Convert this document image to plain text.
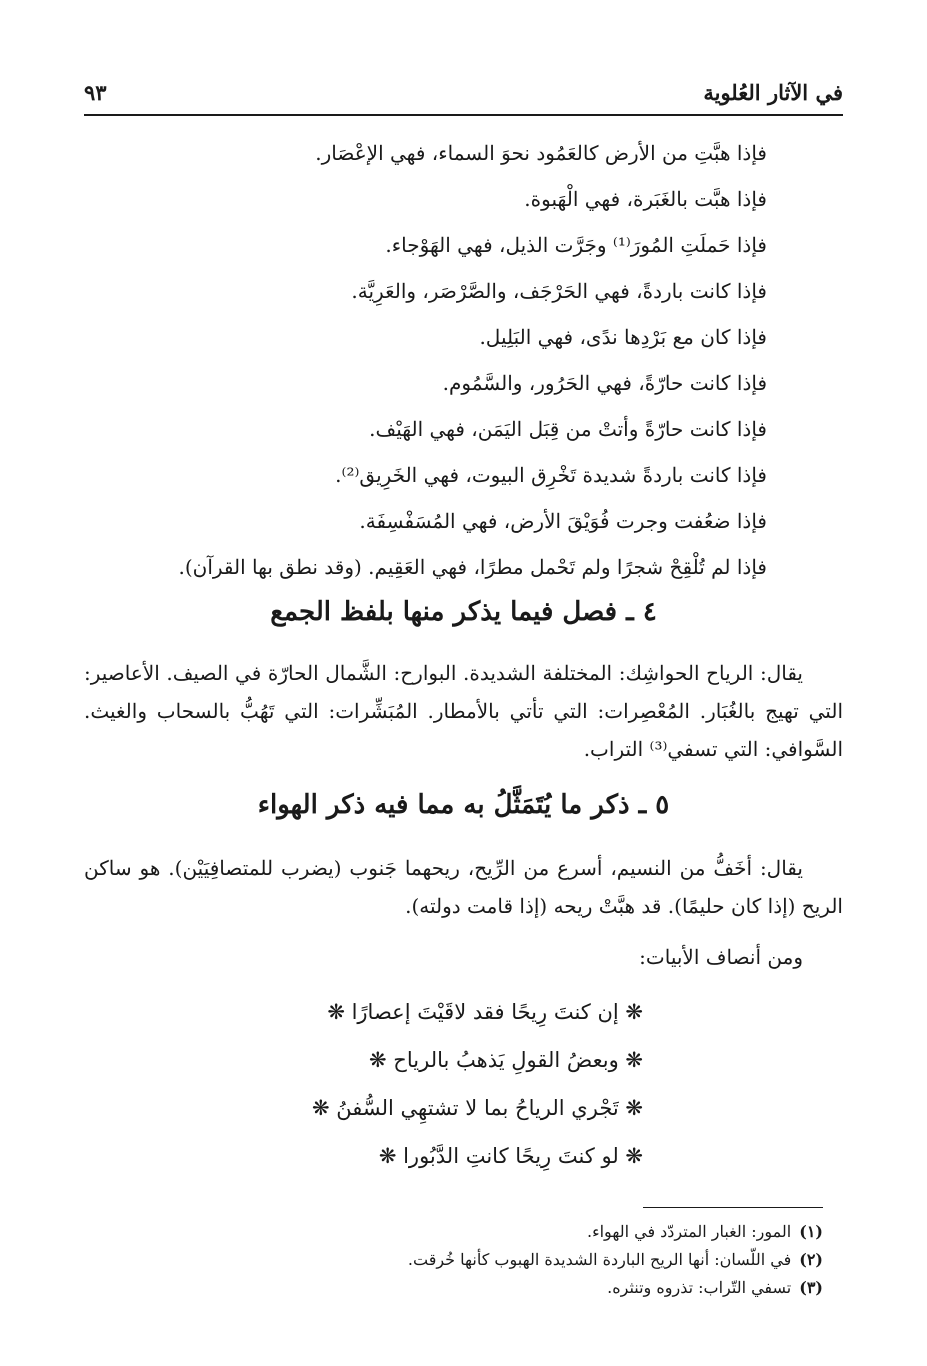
في الآثار العُلوية
٩٣
فإذا هبَّتِ من الأرض كالعَمُود نحوَ السماء، فهي الإعْصَار.
فإذا هبَّت بالغَبَرة، فهي الْهَبوة.
فإذا حَملَتِ المُورَ⁽¹⁾ وجَرَّت الذيل، فهي الهَوْجاء.
فإذا كانت باردةً، فهي الحَرْجَف، والصَّرْصَر، والعَرِيَّة.
فإذا كان مع بَرْدِها ندًى، فهي البَلِيل.
فإذا كانت حارّةً، فهي الحَرُور، والسَّمُوم.
فإذا كانت حارّةً وأتتْ من قِبَل اليَمَن، فهي الهَيْف.
فإذا كانت باردةً شديدة تَخْرِق البيوت، فهي الخَرِيق⁽²⁾.
فإذا ضعُفت وجرت فُوَيْقَ الأرض، فهي المُسَفْسِفَة.
فإذا لم تُلْقِحْ شجرًا ولم تَحْمل مطرًا، فهي العَقِيم. (وقد نطق بها القرآن).
٤ ـ فصل فيما يذكر منها بلفظ الجمع

يقال: الرياح الحواشِك: المختلفة الشديدة. البوارح: الشَّمال الحارّة في الصيف. الأعاصير: التي تهيج بالغُبَار. المُعْصِرات: التي تأتي بالأمطار. المُبَشِّرات: التي تَهُبُّ بالسحاب والغيث. السَّوافي: التي تسفي⁽³⁾ التراب.

٥ ـ ذكر ما يُتَمَثَّلُ به مما فيه ذكر الهواء

يقال: أخَفُّ من النسيم، أسرع من الرِّيح، ريحهما جَنوب (يضرب للمتصافِيَيْن). هو ساكن الريح (إذا كان حليمًا). قد هبَّتْ ريحه (إذا قامت دولته).

ومن أنصاف الأبيات:

❋ إن كنتَ رِيحًا فقد لاقَيْتَ إعصارًا ❋
❋ وبعضُ القولِ يَذهبُ بالرياح ❋
❋ تَجْري الرياحُ بما لا تشتهِي السُّفنُ ❋
❋ لو كنتَ رِيحًا كانتِ الدَّبُورا ❋
(١)المور: الغبار المتردّد في الهواء.
(٢)في اللّسان: أنها الريح الباردة الشديدة الهبوب كأنها خُرقت.
(٣)تسفي التّراب: تذروه وتنثره.
